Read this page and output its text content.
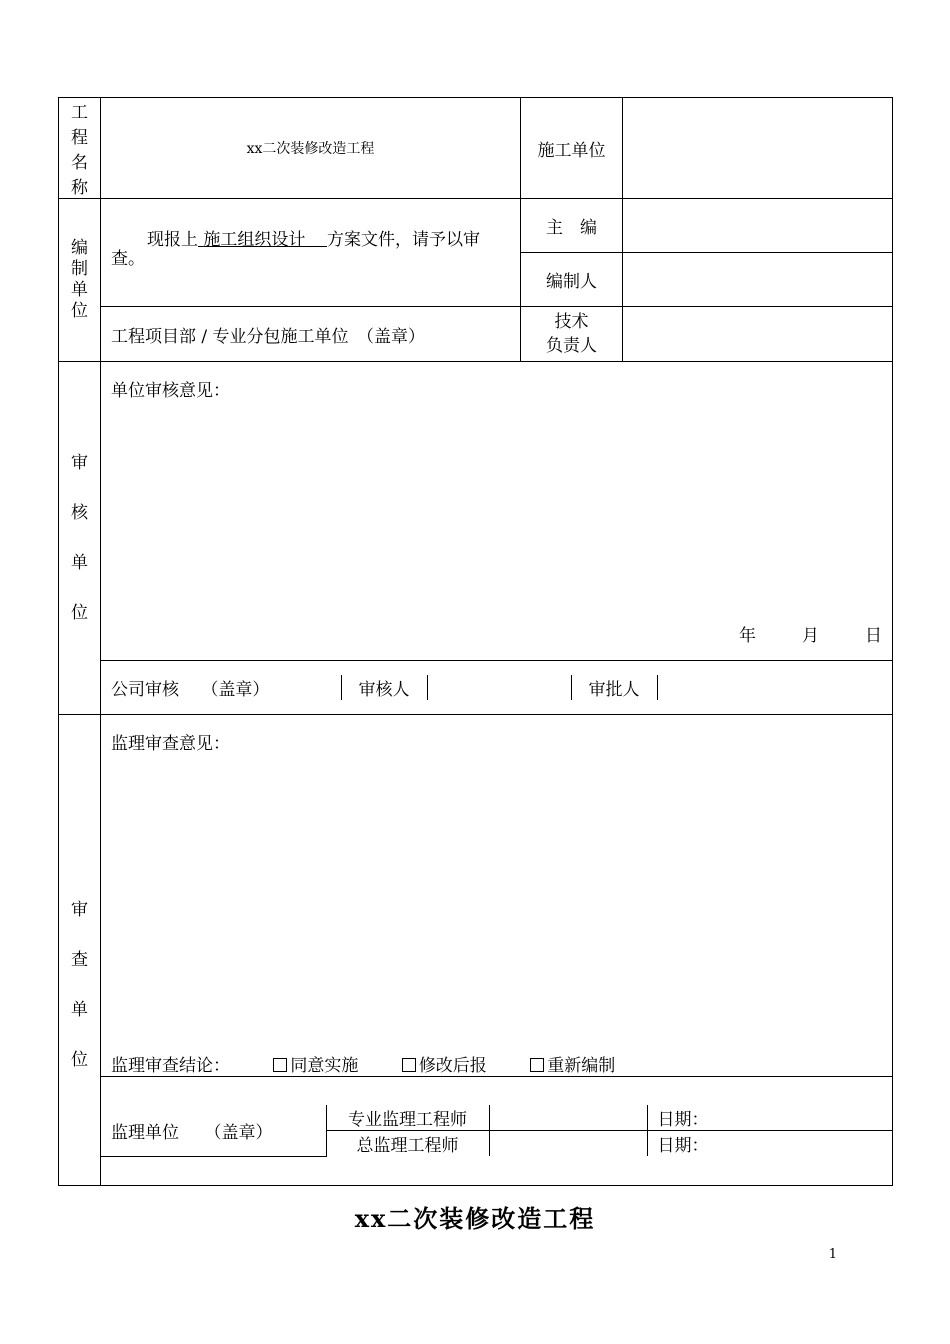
工程名称	xx二次装修改造工程	施工单位	

编
制
单
位
	现报上 施工组织设计 方案文件，请予以审查。	主　编	
编制人	
工程项目部 / 专业分包施工单位　（盖章）	
技术
负责人

审
核
单
位

单位审核意见：
年	月	日

公司审核　 （盖章）	审核人		审批人	

审
查
单
位

监理审查意见：
监理审查结论：	同意实施	修改后报	重新编制

监理单位　　（盖章）	专业监理工程师		日期：
总监理工程师		日期：
xx二次装修改造工程
1
